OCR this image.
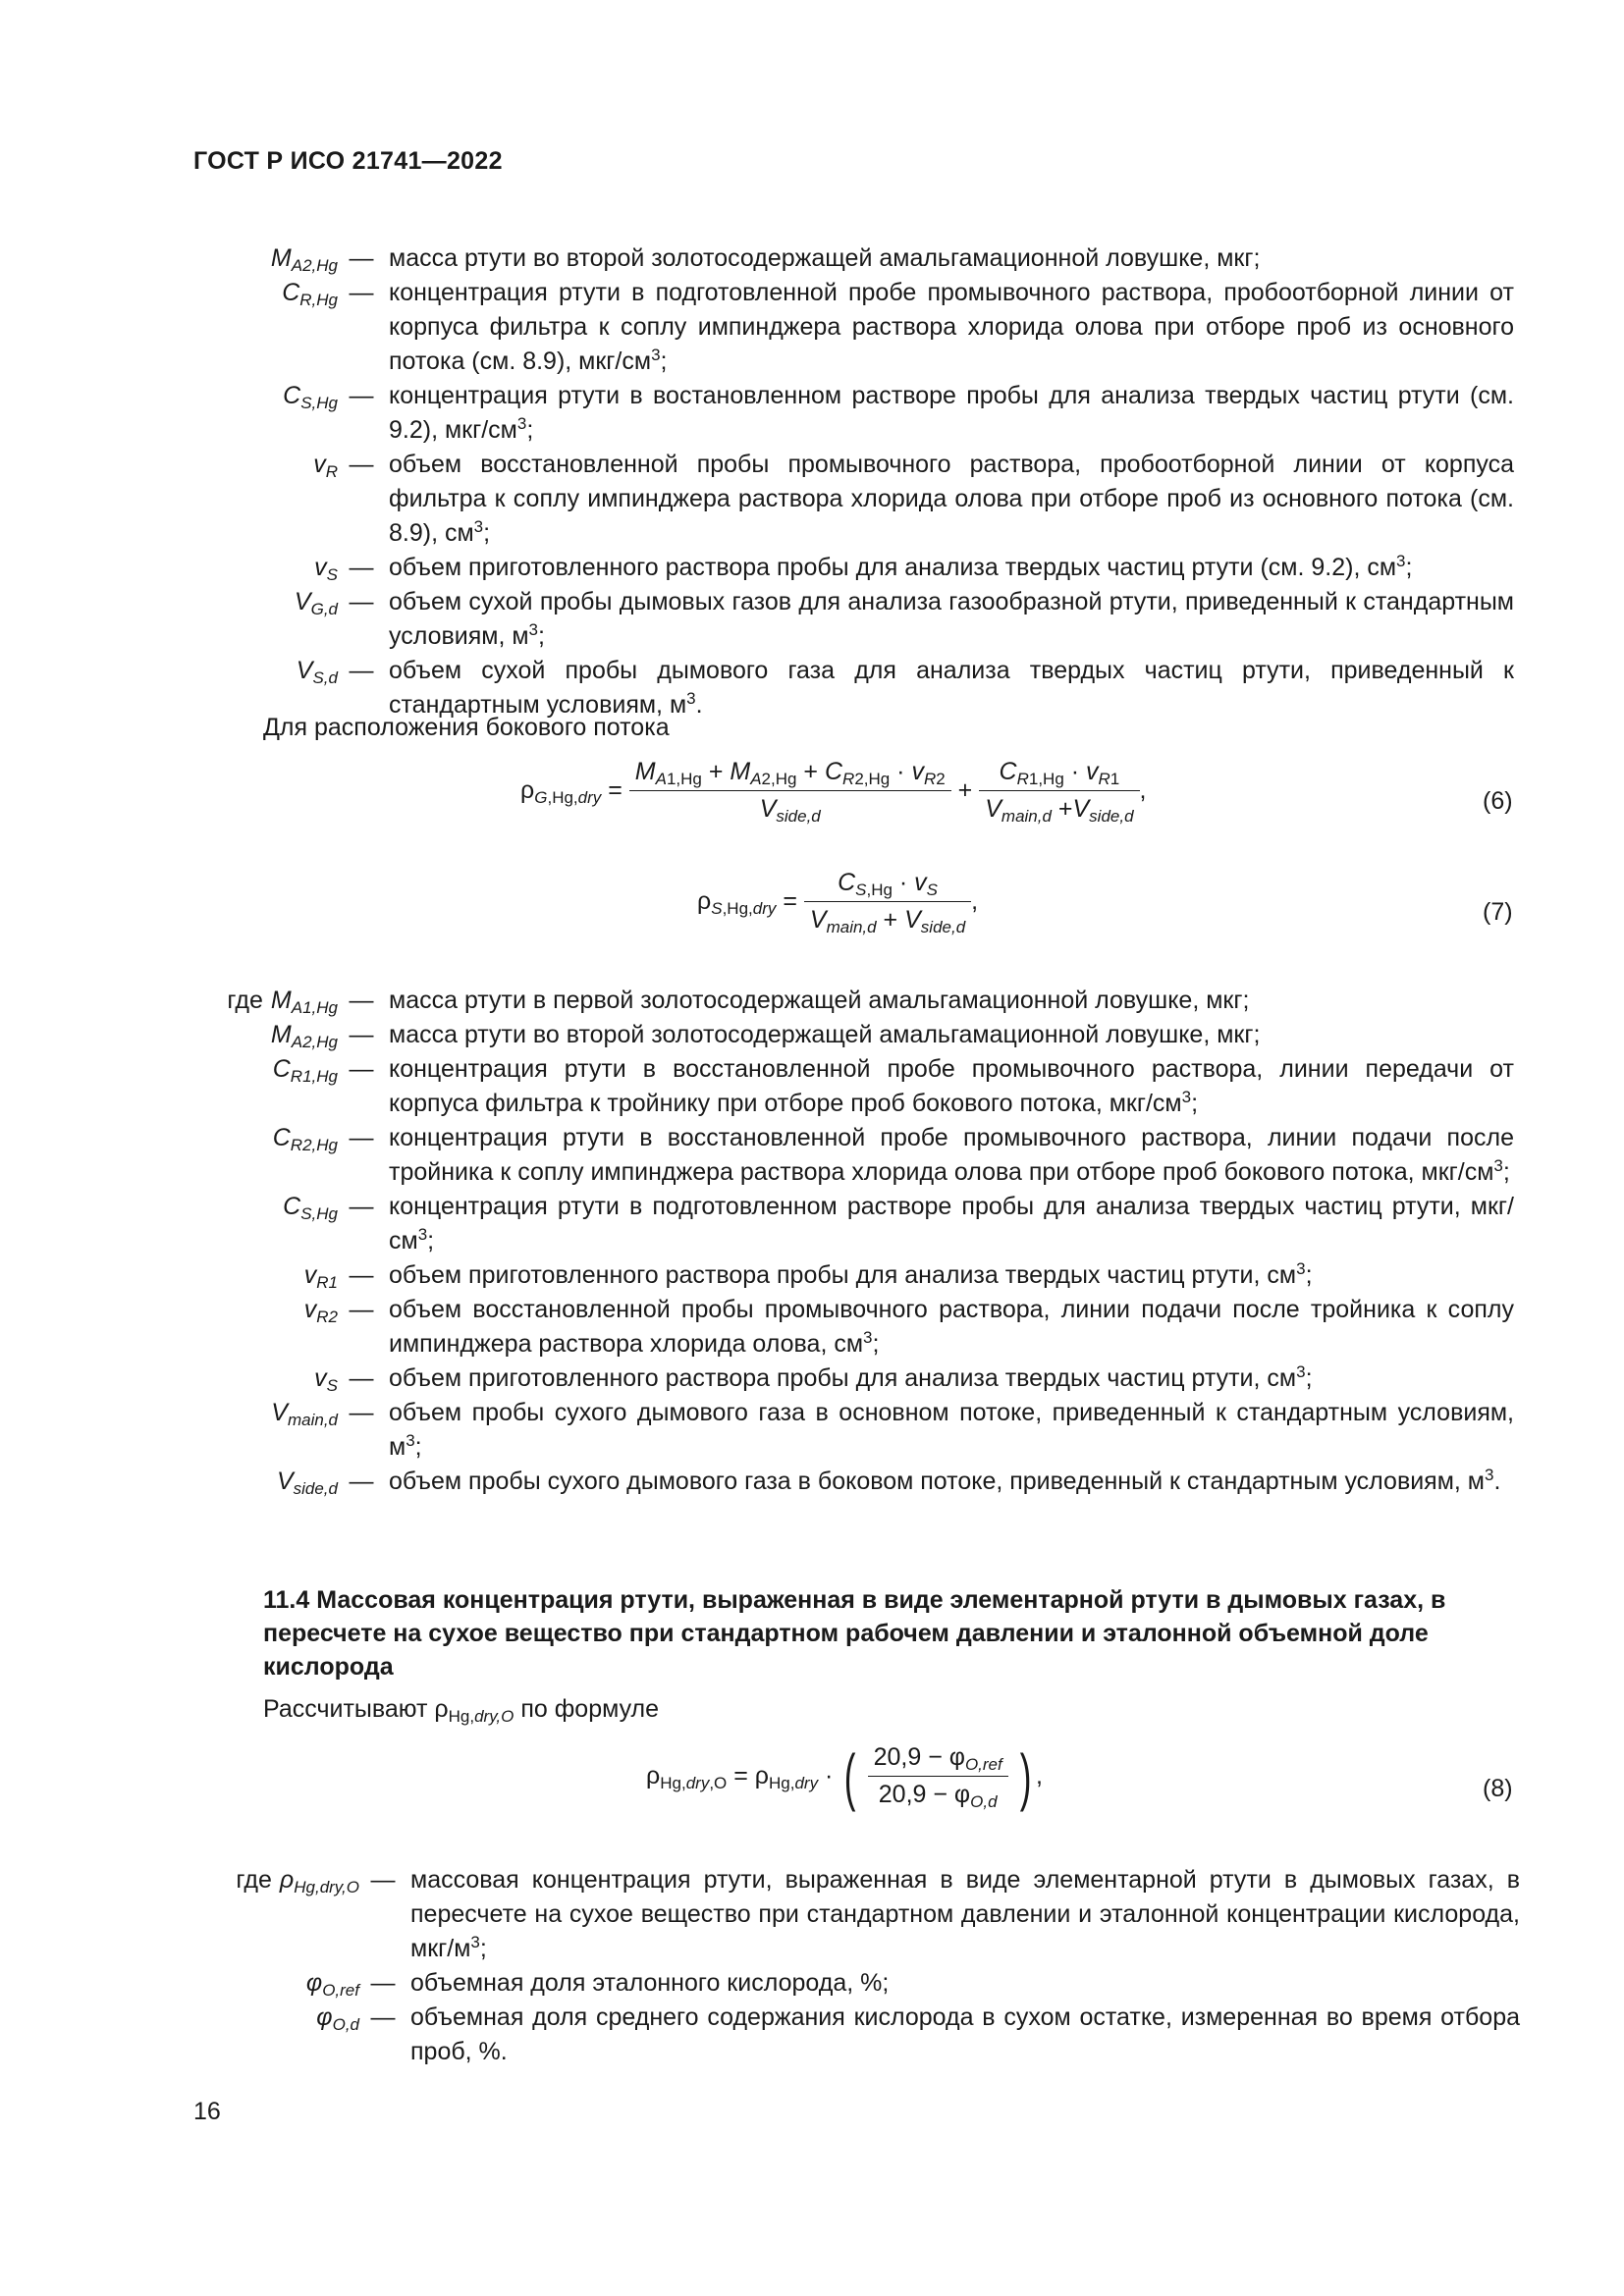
ГОСТ Р ИСО 21741—2022
$M_{A2,Hg}$ — масса ртути во второй золотосодержащей амальгамационной ловушке, мкг;
$C_{R,Hg}$ — концентрация ртути в подготовленной пробе промывочного раствора, пробоотборной линии от корпуса фильтра к соплу импинджера раствора хлорида олова при отборе проб из основного потока (см. 8.9), мкг/$см^3$;
$C_{S,Hg}$ — концентрация ртути в востановленном растворе пробы для анализа твердых частиц ртути (см. 9.2), мкг/$см^3$;
$v_R$ — объем восстановленной пробы промывочного раствора, пробоотборной линии от корпуса фильтра к соплу импинджера раствора хлорида олова при отборе проб из основного потока (см. 8.9), $см^3$;
$v_S$ — объем приготовленного раствора пробы для анализа твердых частиц ртути (см. 9.2), $см^3$;
$V_{G,d}$ — объем сухой пробы дымовых газов для анализа газообразной ртути, приведенный к стандартным условиям, $м^3$;
$V_{S,d}$ — объем сухой пробы дымового газа для анализа твердых частиц ртути, приведенный к стандартным условиям, $м^3$.
Для расположения бокового потока
$\rho_{G,Hg,dry} = \frac{M_{A1,Hg} + M_{A2,Hg} + C_{R2,Hg} \cdot v_{R2}}{V_{side,d}} + \frac{C_{R1,Hg} \cdot v_{R1}}{V_{main,d} +V_{side,d}}$ ,	(6)
$\rho_{S,Hg,dry} = \frac{C_{S,Hg} \cdot v_S}{V_{main,d} + V_{side,d}}$ ,	(7)
где $M_{A1,Hg}$ — масса ртути в первой золотосодержащей амальгамационной ловушке, мкг;
$M_{A2,Hg}$ — масса ртути во второй золотосодержащей амальгамационной ловушке, мкг;
$C_{R1,Hg}$ — концентрация ртути в восстановленной пробе промывочного раствора, линии передачи от корпуса фильтра к тройнику при отборе проб бокового потока, мкг/$см^3$;
$C_{R2,Hg}$ — концентрация ртути в восстановленной пробе промывочного раствора, линии подачи после тройника к соплу импинджера раствора хлорида олова при отборе проб бокового потока, мкг/$см^3$;
$C_{S,Hg}$ — концентрация ртути в подготовленном растворе пробы для анализа твердых частиц ртути, мкг/$см^3$;
$v_{R1}$ — объем приготовленного раствора пробы для анализа твердых частиц ртути, $см^3$;
$v_{R2}$ — объем восстановленной пробы промывочного раствора, линии подачи после тройника к соплу импинджера раствора хлорида олова, $см^3$;
$v_S$ — объем приготовленного раствора пробы для анализа твердых частиц ртути, $см^3$;
$V_{main,d}$ — объем пробы сухого дымового газа в основном потоке, приведенный к стандартным условиям, $м^3$;
$V_{side,d}$ — объем пробы сухого дымового газа в боковом потоке, приведенный к стандартным условиям, $м^3$.
11.4 Массовая концентрация ртути, выраженная в виде элементарной ртути в дымовых газах, в пересчете на сухое вещество при стандартном рабочем давлении и эталонной объемной доле кислорода
Рассчитывают $\rho_{Hg,dry,O}$ по формуле
$\rho_{Hg,dry,O} = \rho_{Hg,dry}$ · ( $\frac{20,9 - \varphi_{O,ref}}{20,9 - \varphi_{O,d}}$ ) ,	(8)
где $\rho_{Hg,dry,O}$ — массовая концентрация ртути, выраженная в виде элементарной ртути в дымовых газах, в пересчете на сухое вещество при стандартном давлении и эталонной концентрации кислорода, мкг/$м^3$;
$\varphi_{O,ref}$ — объемная доля эталонного кислорода, %;
$\varphi_{O,d}$ — объемная доля среднего содержания кислорода в сухом остатке, измеренная во время отбора проб, %.
16
